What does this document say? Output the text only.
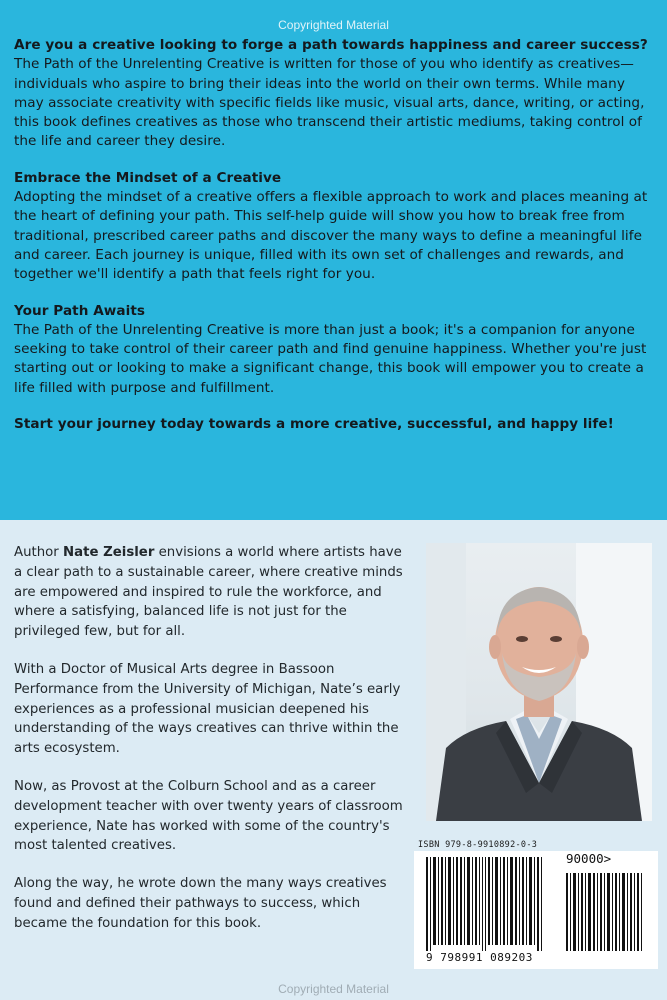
Copyrighted Material

Are you a creative looking to forge a path towards happiness and career success?
The Path of the Unrelenting Creative is written for those of you who identify as creatives—individuals who aspire to bring their ideas into the world on their own terms. While many may associate creativity with specific fields like music, visual arts, dance, writing, or acting, this book defines creatives as those who transcend their artistic mediums, taking control of the life and career they desire.

Embrace the Mindset of a Creative
Adopting the mindset of a creative offers a flexible approach to work and places meaning at the heart of defining your path. This self-help guide will show you how to break free from traditional, prescribed career paths and discover the many ways to define a meaningful life and career. Each journey is unique, filled with its own set of challenges and rewards, and together we'll identify a path that feels right for you.

Your Path Awaits
The Path of the Unrelenting Creative is more than just a book; it's a companion for anyone seeking to take control of their career path and find genuine happiness. Whether you're just starting out or looking to make a significant change, this book will empower you to create a life filled with purpose and fulfillment.

Start your journey today towards a more creative, successful, and happy life!

Author Nate Zeisler envisions a world where artists have a clear path to a sustainable career, where creative minds are empowered and inspired to rule the workforce, and where a satisfying, balanced life is not just for the privileged few, but for all.

With a Doctor of Musical Arts degree in Bassoon Performance from the University of Michigan, Nate’s early experiences as a professional musician deepened his understanding of the ways creatives can thrive within the arts ecosystem.

Now, as Provost at the Colburn School and as a career development teacher with over twenty years of classroom experience, Nate has worked with some of the country's most talented creatives.

Along the way, he wrote down the many ways creatives found and defined their pathways to success, which became the foundation for this book.

ISBN 979-8-9910892-0-3
90000>
9 798991 089203
Copyrighted Material
